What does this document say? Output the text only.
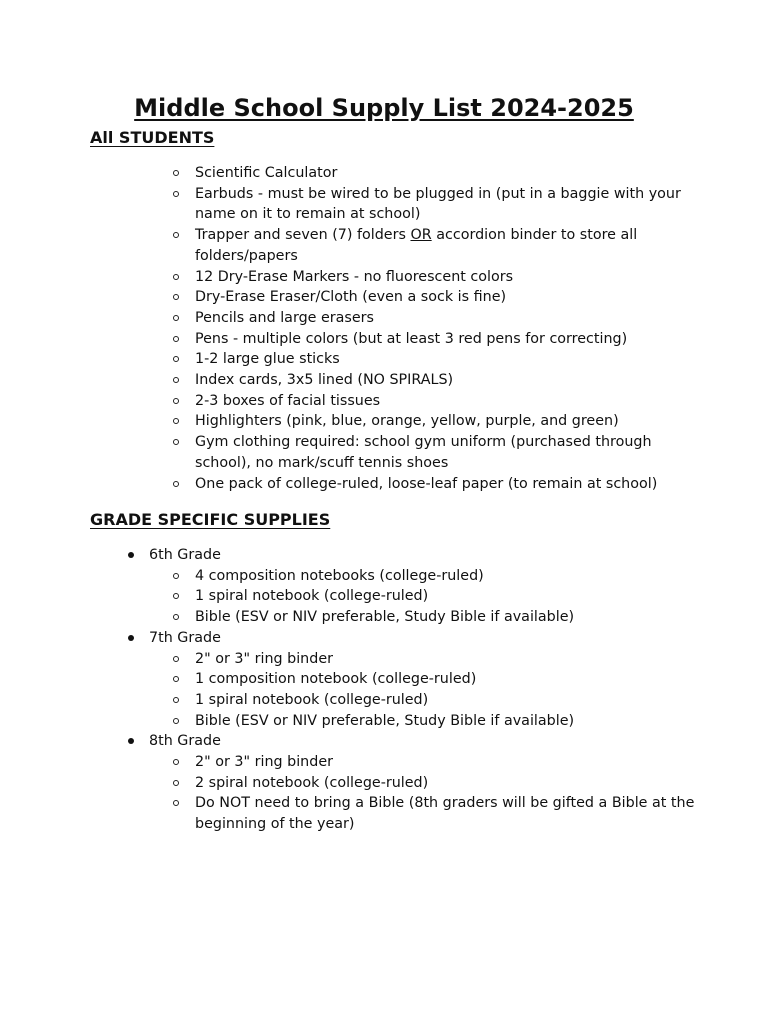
Middle School Supply List 2024-2025
All STUDENTS
Scientific Calculator
Earbuds - must be wired to be plugged in (put in a baggie with your name on it to remain at school)
Trapper and seven (7) folders OR accordion binder to store all folders/papers
12 Dry-Erase Markers - no fluorescent colors
Dry-Erase Eraser/Cloth (even a sock is fine)
Pencils and large erasers
Pens - multiple colors (but at least 3 red pens for correcting)
1-2 large glue sticks
Index cards, 3x5 lined (NO SPIRALS)
2-3 boxes of facial tissues
Highlighters (pink, blue, orange, yellow, purple, and green)
Gym clothing required: school gym uniform (purchased through school), no mark/scuff tennis shoes
One pack of college-ruled, loose-leaf paper (to remain at school)
GRADE SPECIFIC SUPPLIES
6th Grade
4 composition notebooks (college-ruled)
1 spiral notebook (college-ruled)
Bible (ESV or NIV preferable, Study Bible if available)
7th Grade
2" or 3" ring binder
1 composition notebook (college-ruled)
1 spiral notebook (college-ruled)
Bible (ESV or NIV preferable, Study Bible if available)
8th Grade
2" or 3" ring binder
2 spiral notebook (college-ruled)
Do NOT need to bring a Bible (8th graders will be gifted a Bible at the beginning of the year)
